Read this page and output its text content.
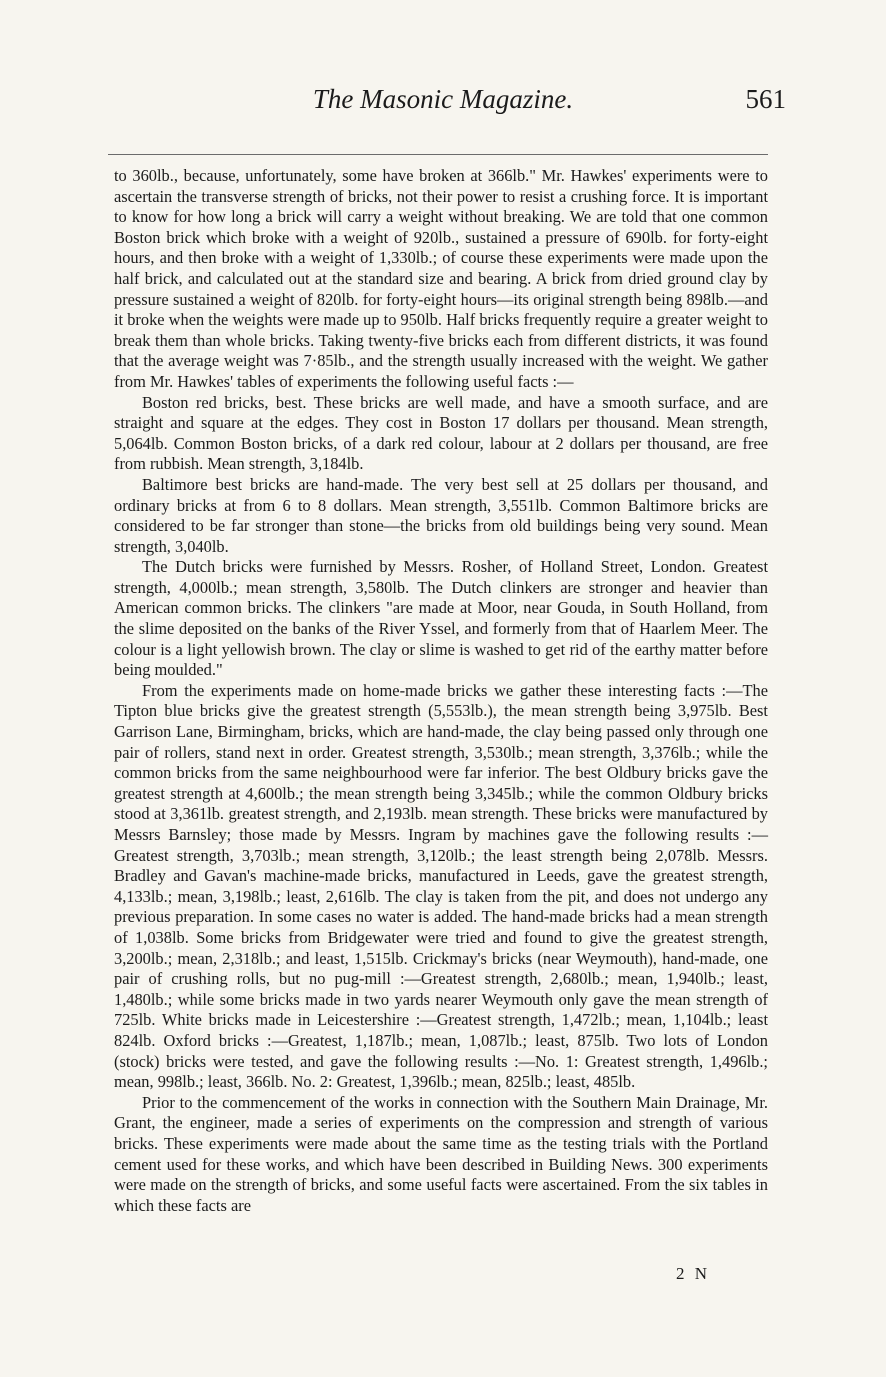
The Masonic Magazine.	561

to 360lb., because, unfortunately, some have broken at 366lb." Mr. Hawkes' experiments were to ascertain the transverse strength of bricks, not their power to resist a crushing force. It is important to know for how long a brick will carry a weight without breaking. We are told that one common Boston brick which broke with a weight of 920lb., sustained a pressure of 690lb. for forty-eight hours, and then broke with a weight of 1,330lb.; of course these experiments were made upon the half brick, and calculated out at the standard size and bearing. A brick from dried ground clay by pressure sustained a weight of 820lb. for forty-eight hours—its original strength being 898lb.—and it broke when the weights were made up to 950lb. Half bricks frequently require a greater weight to break them than whole bricks. Taking twenty-five bricks each from different districts, it was found that the average weight was 7·85lb., and the strength usually increased with the weight. We gather from Mr. Hawkes' tables of experiments the following useful facts :—

Boston red bricks, best. These bricks are well made, and have a smooth surface, and are straight and square at the edges. They cost in Boston 17 dollars per thousand. Mean strength, 5,064lb. Common Boston bricks, of a dark red colour, labour at 2 dollars per thousand, are free from rubbish. Mean strength, 3,184lb.

Baltimore best bricks are hand-made. The very best sell at 25 dollars per thousand, and ordinary bricks at from 6 to 8 dollars. Mean strength, 3,551lb. Common Baltimore bricks are considered to be far stronger than stone—the bricks from old buildings being very sound. Mean strength, 3,040lb.

The Dutch bricks were furnished by Messrs. Rosher, of Holland Street, London. Greatest strength, 4,000lb.; mean strength, 3,580lb. The Dutch clinkers are stronger and heavier than American common bricks. The clinkers "are made at Moor, near Gouda, in South Holland, from the slime deposited on the banks of the River Yssel, and formerly from that of Haarlem Meer. The colour is a light yellowish brown. The clay or slime is washed to get rid of the earthy matter before being moulded."

From the experiments made on home-made bricks we gather these interesting facts :—The Tipton blue bricks give the greatest strength (5,553lb.), the mean strength being 3,975lb. Best Garrison Lane, Birmingham, bricks, which are hand-made, the clay being passed only through one pair of rollers, stand next in order. Greatest strength, 3,530lb.; mean strength, 3,376lb.; while the common bricks from the same neighbourhood were far inferior. The best Oldbury bricks gave the greatest strength at 4,600lb.; the mean strength being 3,345lb.; while the common Oldbury bricks stood at 3,361lb. greatest strength, and 2,193lb. mean strength. These bricks were manufactured by Messrs Barnsley; those made by Messrs. Ingram by machines gave the following results :—Greatest strength, 3,703lb.; mean strength, 3,120lb.; the least strength being 2,078lb. Messrs. Bradley and Gavan's machine-made bricks, manufactured in Leeds, gave the greatest strength, 4,133lb.; mean, 3,198lb.; least, 2,616lb. The clay is taken from the pit, and does not undergo any previous preparation. In some cases no water is added. The hand-made bricks had a mean strength of 1,038lb. Some bricks from Bridgewater were tried and found to give the greatest strength, 3,200lb.; mean, 2,318lb.; and least, 1,515lb. Crickmay's bricks (near Weymouth), hand-made, one pair of crushing rolls, but no pug-mill :—Greatest strength, 2,680lb.; mean, 1,940lb.; least, 1,480lb.; while some bricks made in two yards nearer Weymouth only gave the mean strength of 725lb. White bricks made in Leicestershire :—Greatest strength, 1,472lb.; mean, 1,104lb.; least 824lb. Oxford bricks :—Greatest, 1,187lb.; mean, 1,087lb.; least, 875lb. Two lots of London (stock) bricks were tested, and gave the following results :—No. 1: Greatest strength, 1,496lb.; mean, 998lb.; least, 366lb. No. 2: Greatest, 1,396lb.; mean, 825lb.; least, 485lb.

Prior to the commencement of the works in connection with the Southern Main Drainage, Mr. Grant, the engineer, made a series of experiments on the compression and strength of various bricks. These experiments were made about the same time as the testing trials with the Portland cement used for these works, and which have been described in Building News. 300 experiments were made on the strength of bricks, and some useful facts were ascertained. From the six tables in which these facts are

2 N
